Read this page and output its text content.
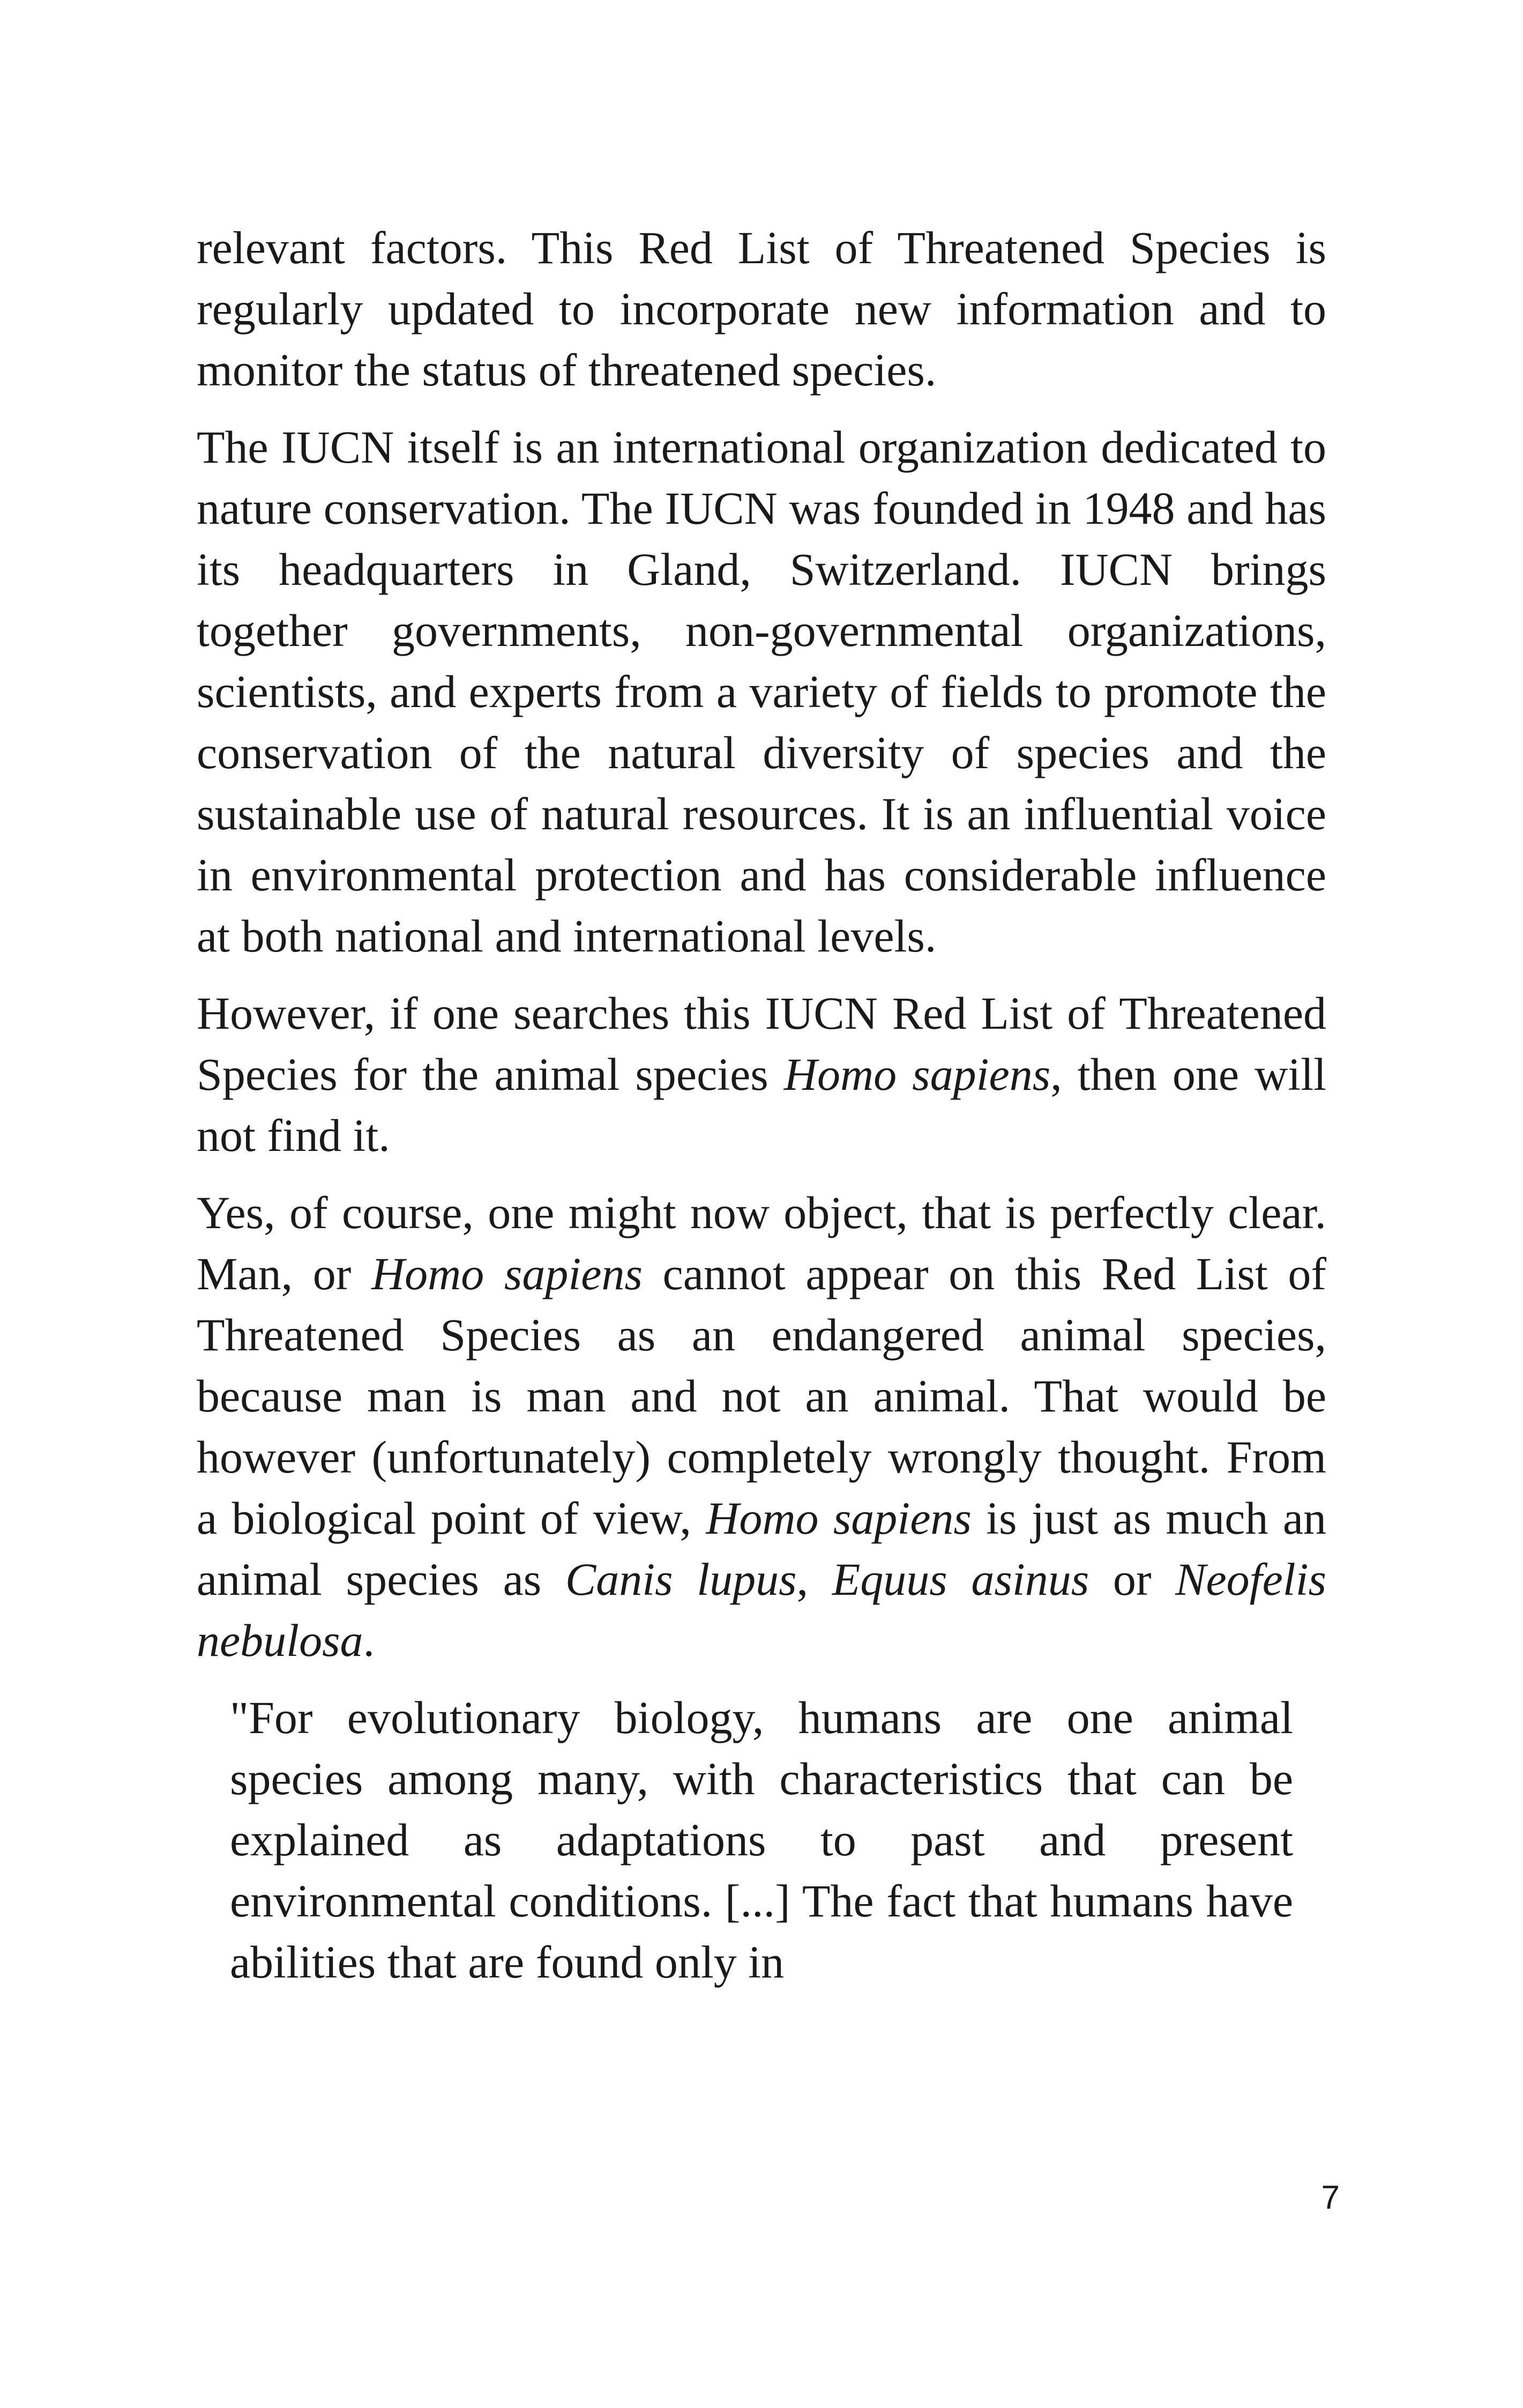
relevant factors. This Red List of Threatened Species is regularly updated to incorporate new information and to monitor the status of threatened species.

The IUCN itself is an international organization dedicated to nature conservation. The IUCN was founded in 1948 and has its headquarters in Gland, Switzerland. IUCN brings together governments, non-governmental organizations, scientists, and experts from a variety of fields to promote the conservation of the natural diversity of species and the sustainable use of natural resources. It is an influential voice in environmental protection and has considerable influence at both national and international levels.

However, if one searches this IUCN Red List of Threatened Species for the animal species Homo sapiens, then one will not find it.

Yes, of course, one might now object, that is perfectly clear. Man, or Homo sapiens cannot appear on this Red List of Threatened Species as an endangered animal species, because man is man and not an animal. That would be however (unfortunately) completely wrongly thought. From a biological point of view, Homo sapiens is just as much an animal species as Canis lupus, Equus asinus or Neofelis nebulosa.

"For evolutionary biology, humans are one animal species among many, with characteristics that can be explained as adaptations to past and present environmental conditions. [...] The fact that humans have abilities that are found only in

7
